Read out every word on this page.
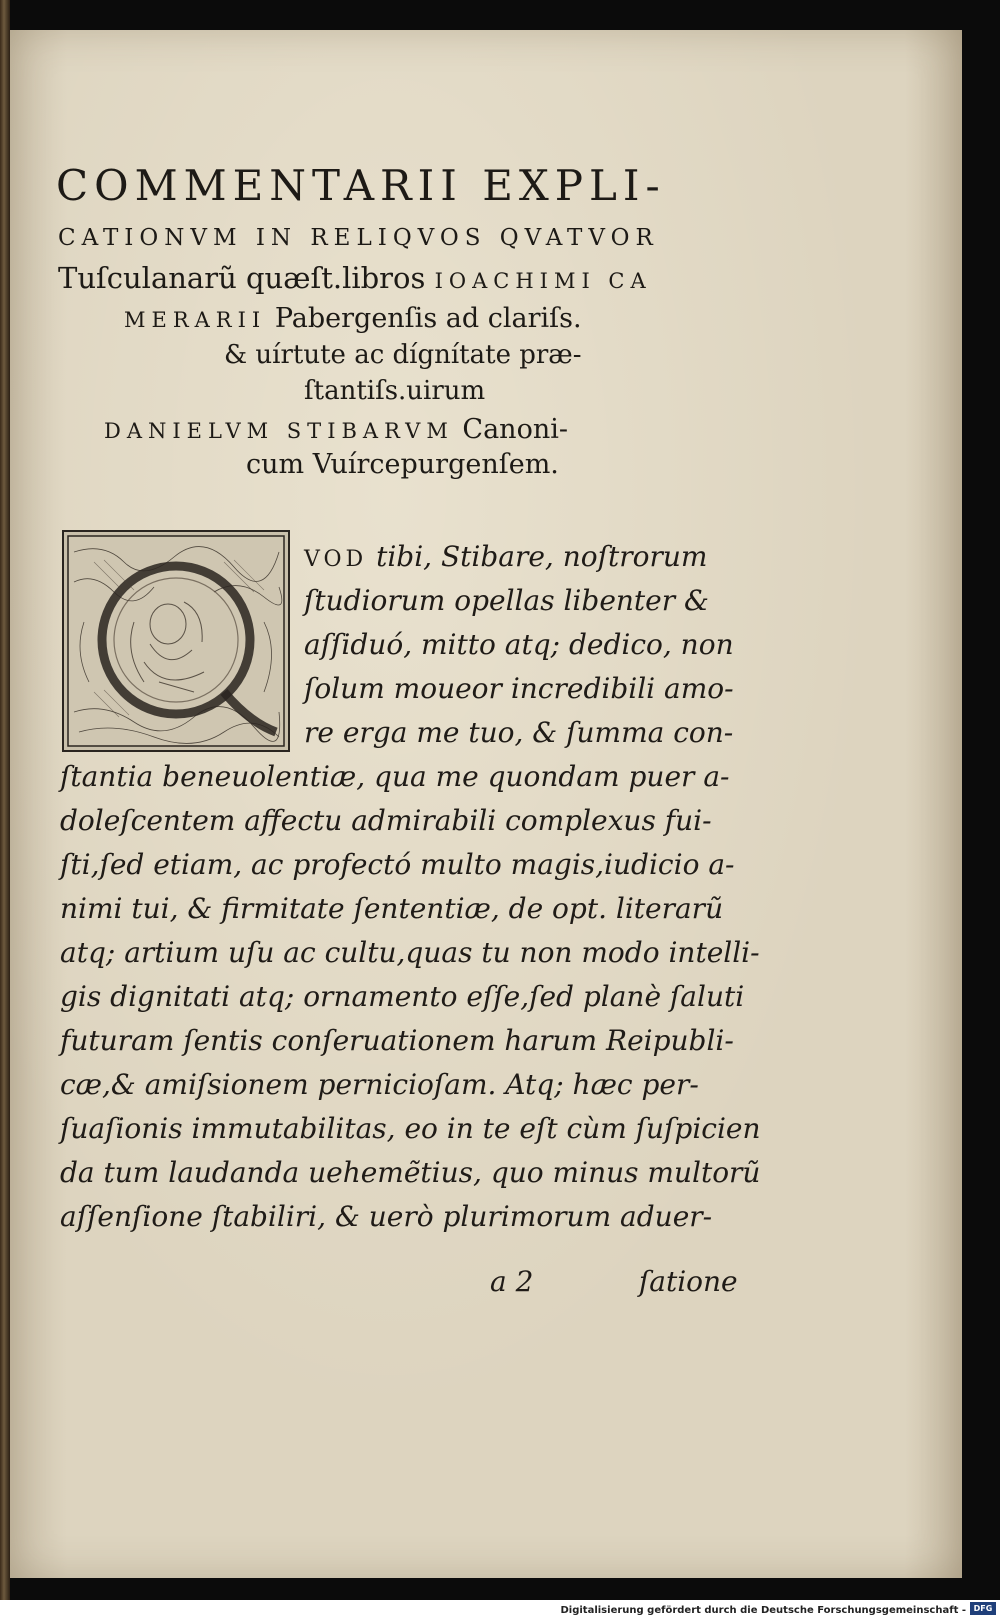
COMMENTARII EXPLI-
CATIONVM IN RELIQVOS QVATVOR
Tuſculanarũ quæſt.libros IOACHIMI CA
MERARII Pabergenſis ad clariſs.
& uírtute ac dígnítate præ-
ſtantiſs.uirum
DANIELVM STIBARVM Canoni-
cum Vuírcepurgenſem.
VOD tibi, Stibare, noſtrorum
ſtudiorum opellas libenter &
aſſiduó, mitto atq; dedico, non
ſolum moueor incredibili amo-
re erga me tuo, & ſumma con-
ſtantia beneuolentiæ, qua me quondam puer a-
doleſcentem affectu admirabili complexus fui-
ſti,ſed etiam, ac profectó multo magis,iudicio a-
nimi tui, & firmitate ſententiæ, de opt. literarũ
atq; artium uſu ac cultu,quas tu non modo intelli-
gis dignitati atq; ornamento eſſe,ſed planè ſaluti
futuram ſentis conſeruationem harum Reipubli-
cæ,& amiſsionem pernicioſam. Atq; hæc per-
ſuaſionis immutabilitas, eo in te eſt cùm ſuſpicien
da tum laudanda uehemẽtius, quo minus multorũ
aſſenſione ſtabiliri, & uerò plurimorum aduer-
a 2	ſatione
Digitalisierung gefördert durch die Deutsche Forschungsgemeinschaft - DFG
